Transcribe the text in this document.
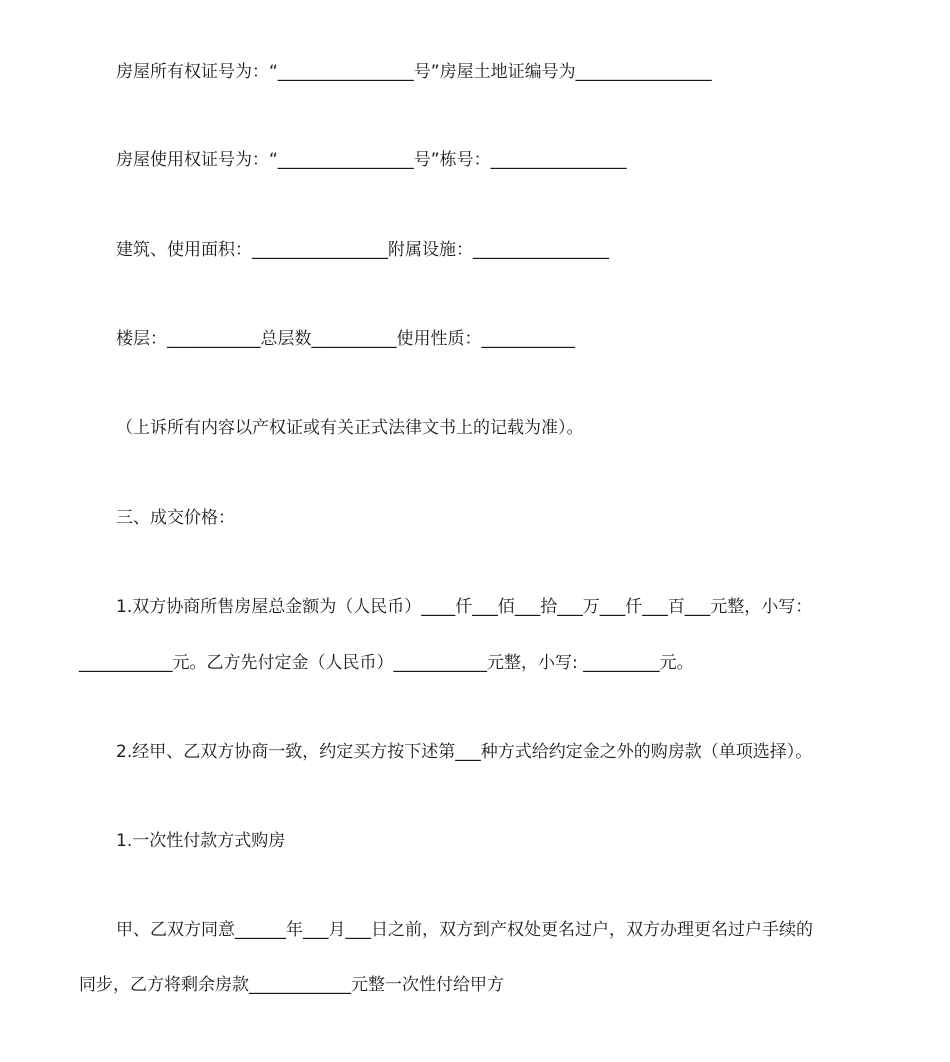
房屋所有权证号为：“________________号”房屋土地证编号为________________
房屋使用权证号为：“________________号”栋号：________________
建筑、使用面积：________________附属设施：________________
楼层：___________总层数__________使用性质：___________
（上诉所有内容以产权证或有关正式法律文书上的记载为准）。
三、成交价格：
1.双方协商所售房屋总金额为（人民币）____仟___佰___拾___万___仟___百___元整，小写：
___________元。乙方先付定金（人民币）___________元整，小写: _________元。
2.经甲、乙双方协商一致，约定买方按下述第___种方式给约定金之外的购房款（单项选择）。
1.一次性付款方式购房
甲、乙双方同意______年___月___日之前，双方到产权处更名过户，双方办理更名过户手续的
同步，乙方将剩余房款____________元整一次性付给甲方
